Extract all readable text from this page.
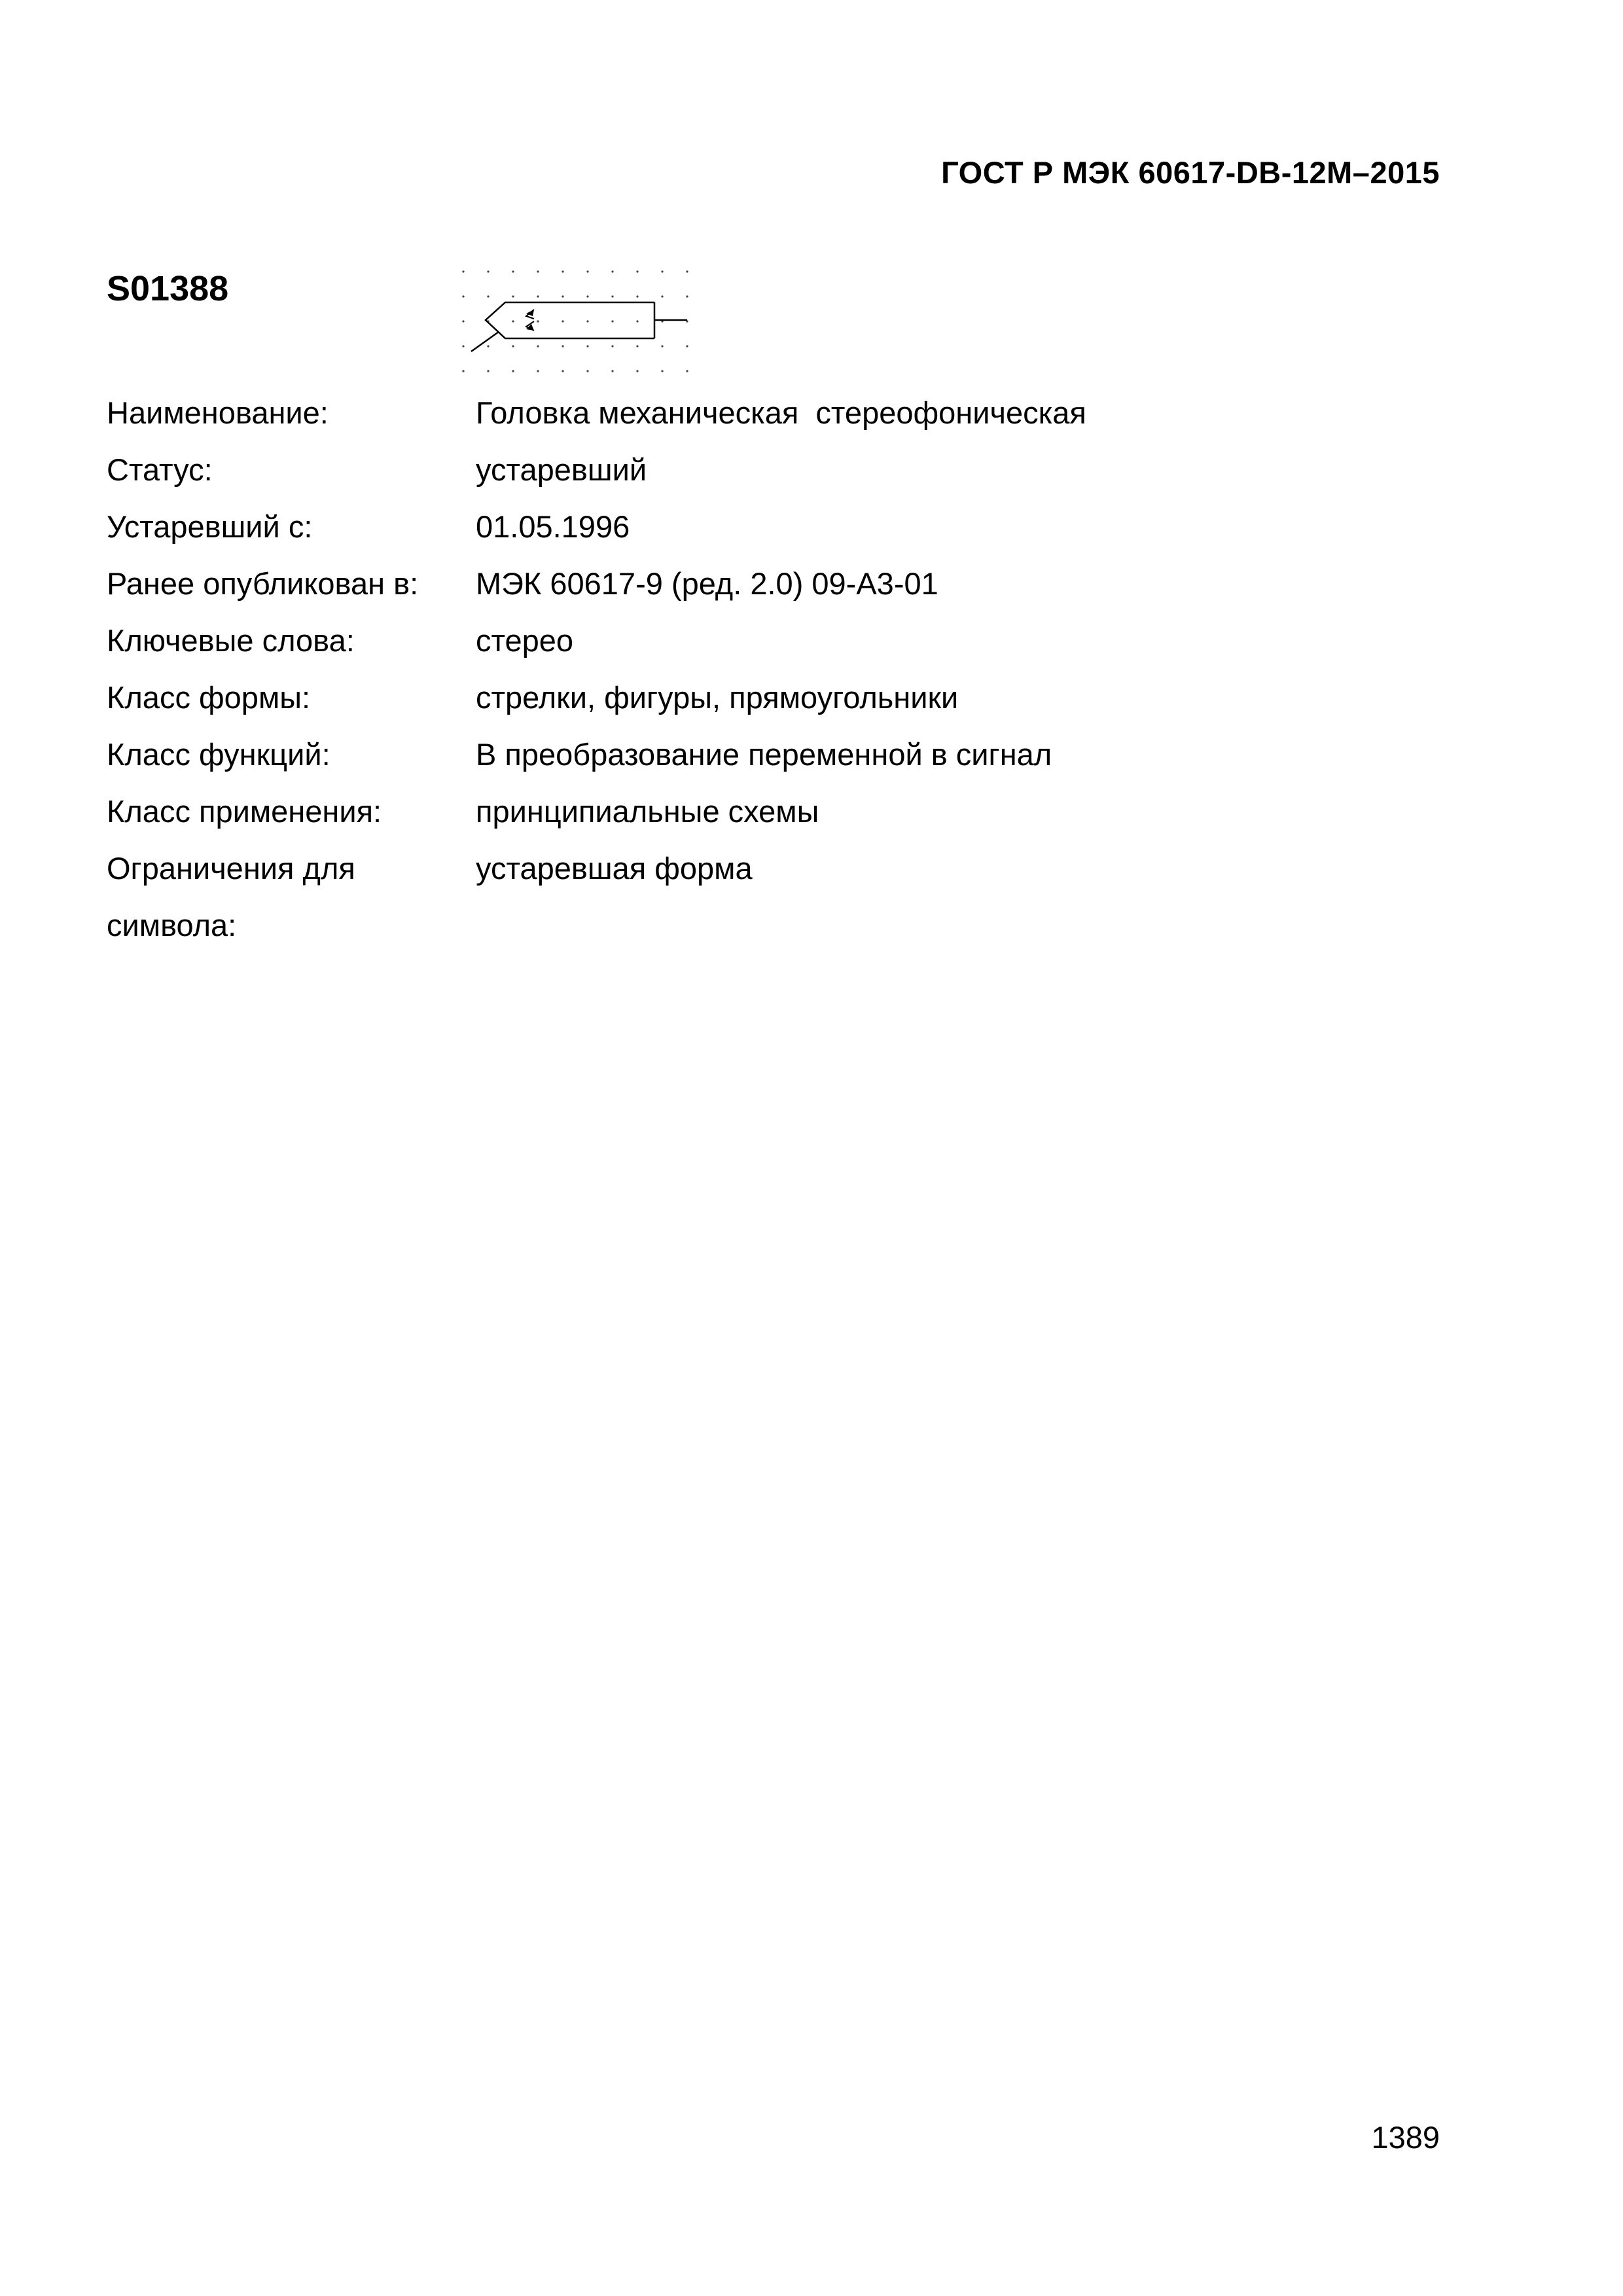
ГОСТ Р МЭК 60617-DB-12M–2015
S01388
Наименование:	Головка механическая  стереофоническая
Статус:	устаревший
Устаревший с:	01.05.1996
Ранее опубликован в:	МЭК 60617-9 (ред. 2.0) 09-A3-01
Ключевые слова:	стерео
Класс формы:	стрелки, фигуры, прямоугольники
Класс функций:	В преобразование переменной в сигнал
Класс применения:	принципиальные схемы
Ограничения для символа:	устаревшая форма
1389
